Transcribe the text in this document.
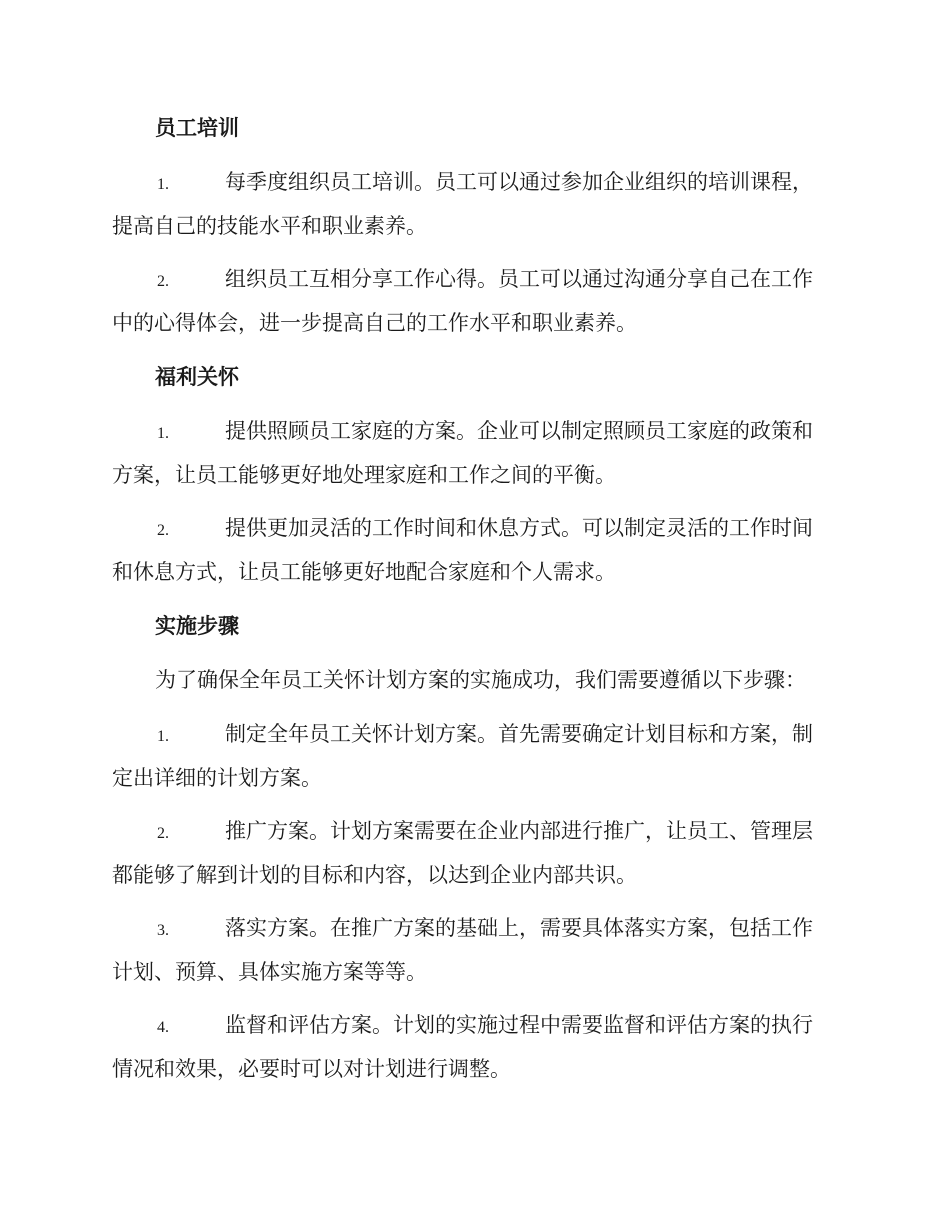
员工培训
1.	每季度组织员工培训。员工可以通过参加企业组织的培训课程，
提高自己的技能水平和职业素养。
2.	组织员工互相分享工作心得。员工可以通过沟通分享自己在工作
中的心得体会，进一步提高自己的工作水平和职业素养。
福利关怀
1.	提供照顾员工家庭的方案。企业可以制定照顾员工家庭的政策和
方案，让员工能够更好地处理家庭和工作之间的平衡。
2.	提供更加灵活的工作时间和休息方式。可以制定灵活的工作时间
和休息方式，让员工能够更好地配合家庭和个人需求。
实施步骤
为了确保全年员工关怀计划方案的实施成功，我们需要遵循以下步骤：
1.	制定全年员工关怀计划方案。首先需要确定计划目标和方案，制
定出详细的计划方案。
2.	推广方案。计划方案需要在企业内部进行推广，让员工、管理层
都能够了解到计划的目标和内容，以达到企业内部共识。
3.	落实方案。在推广方案的基础上，需要具体落实方案，包括工作
计划、预算、具体实施方案等等。
4.	监督和评估方案。计划的实施过程中需要监督和评估方案的执行
情况和效果，必要时可以对计划进行调整。
